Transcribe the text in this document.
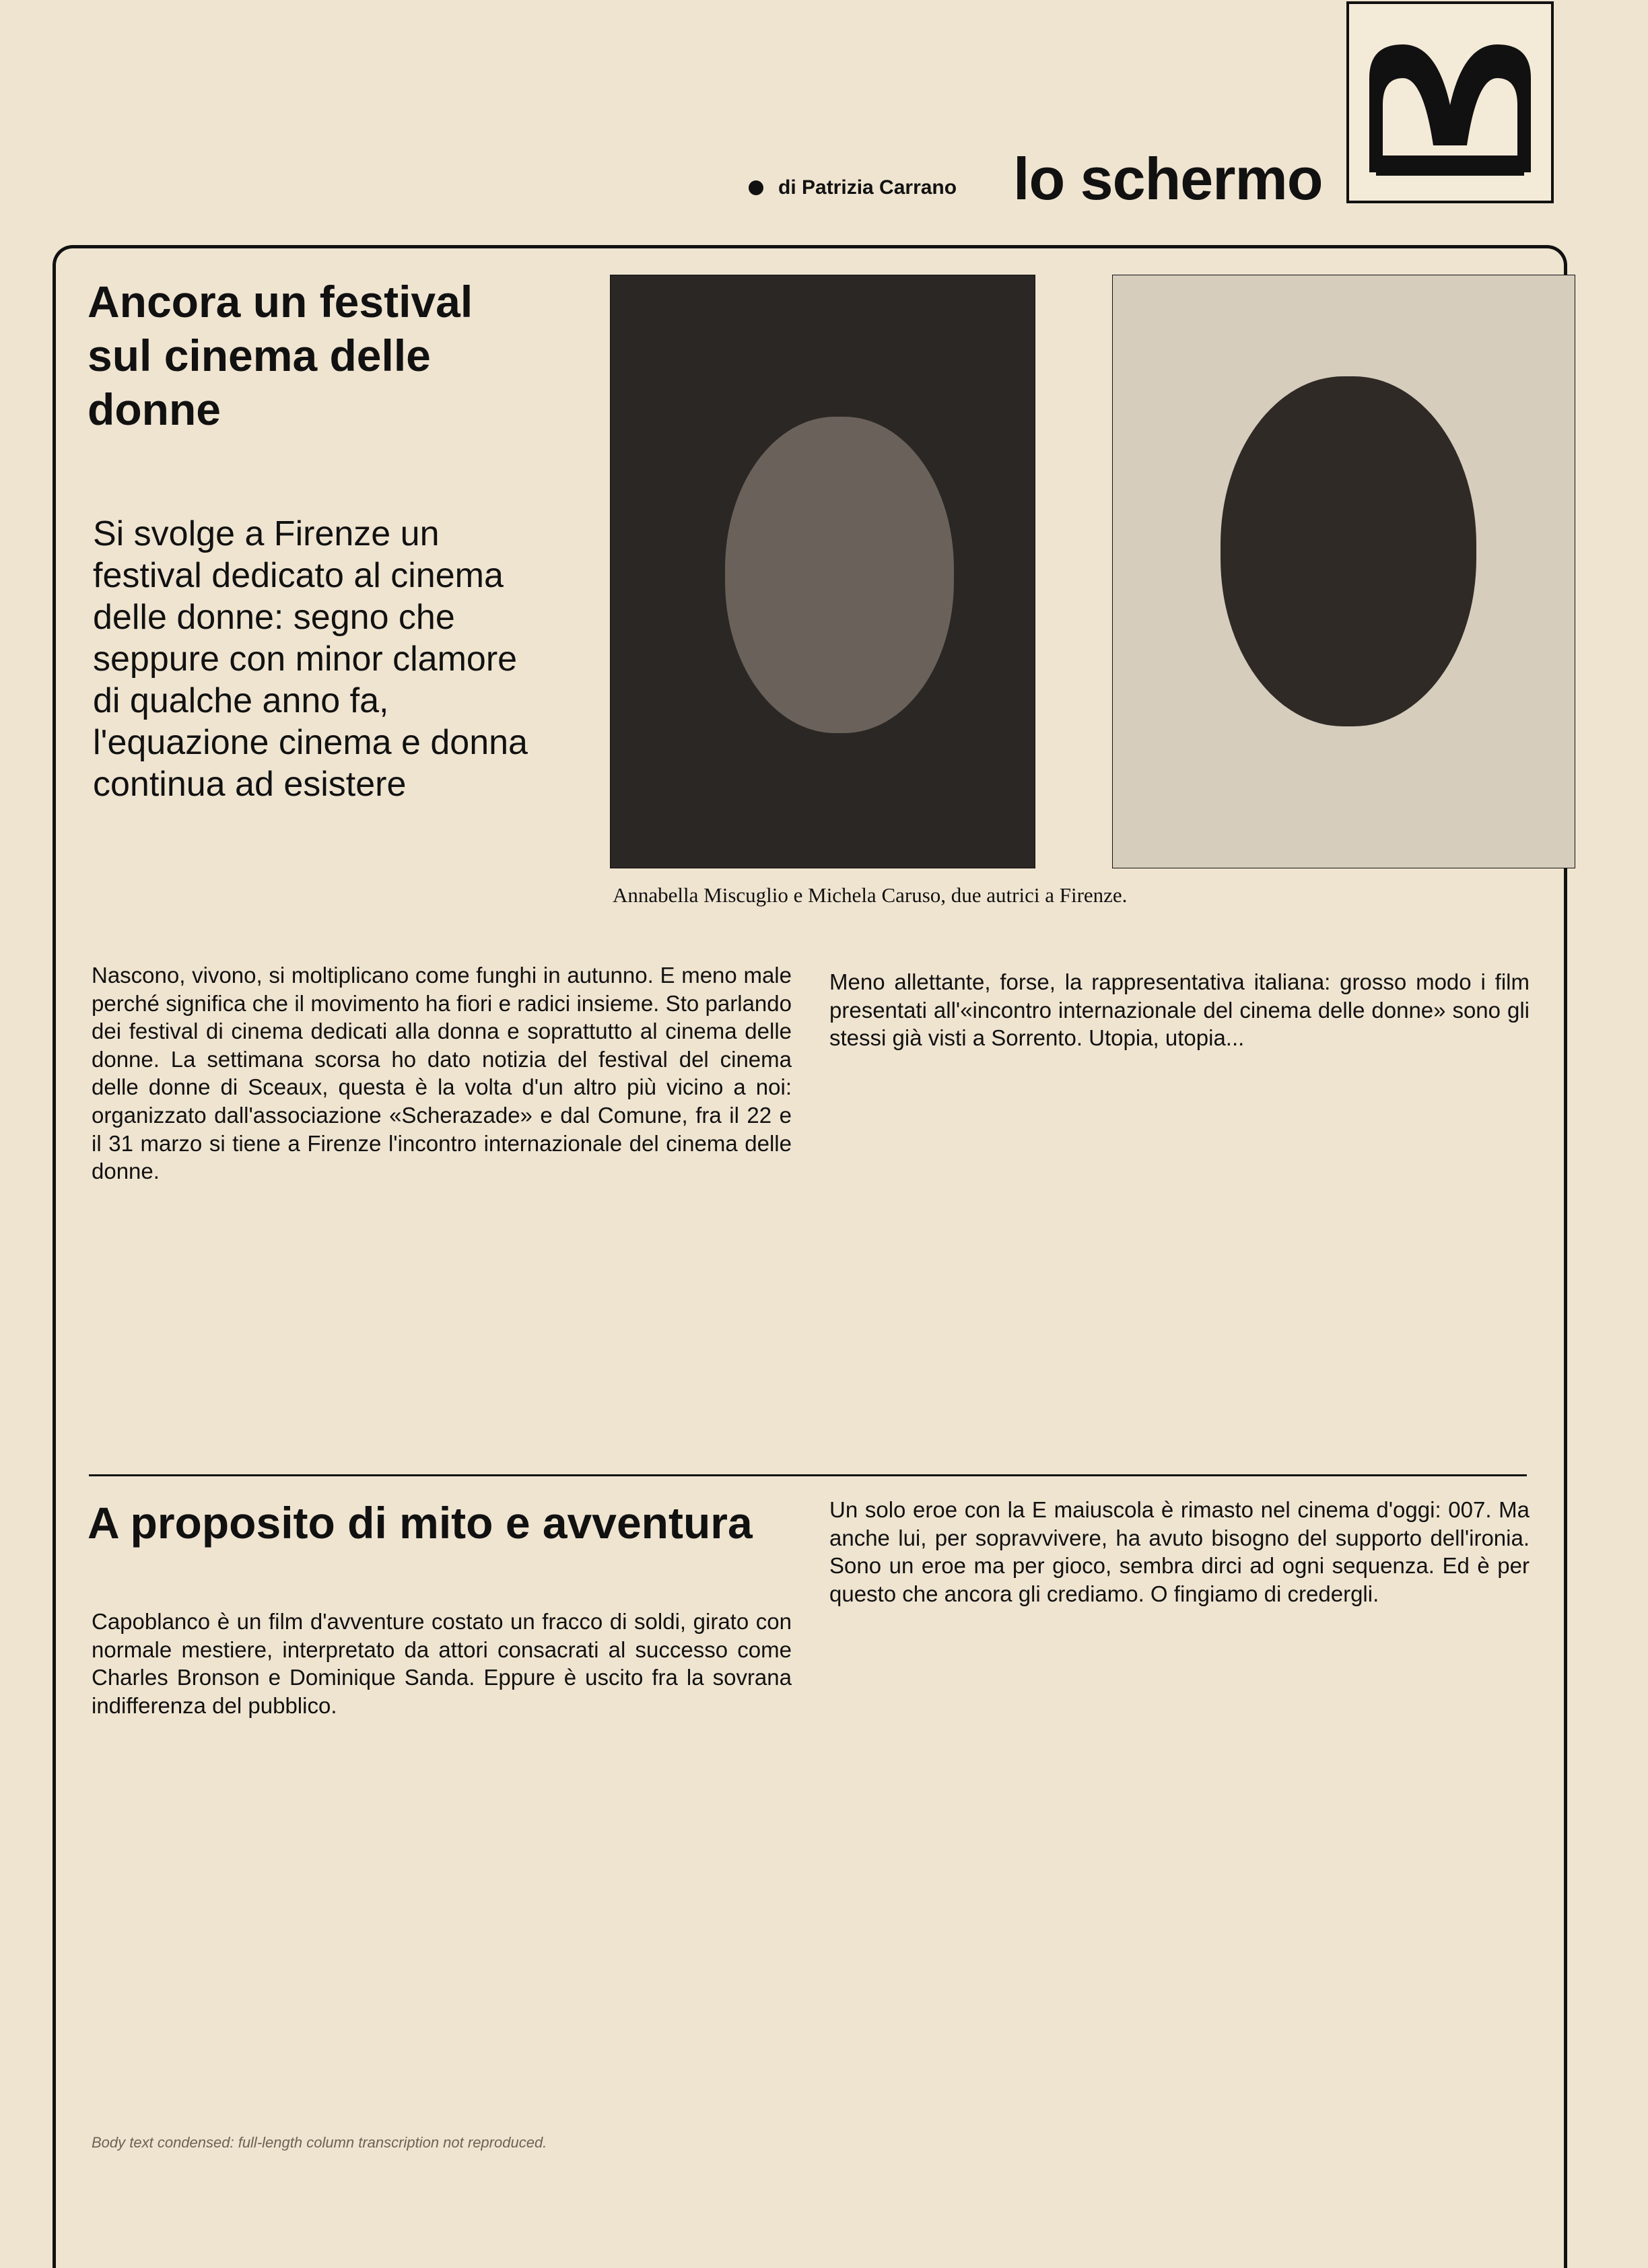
di Patrizia Carrano lo schermo
Ancora un festival sul cinema delle donne
Si svolge a Firenze un festival dedicato al cinema delle donne: segno che seppure con minor clamore di qualche anno fa, l'equazione cinema e donna continua ad esistere
Annabella Miscuglio e Michela Caruso, due autrici a Firenze.
Nascono, vivono, si moltiplicano come funghi in autunno. E meno male perché significa che il movimento ha fiori e radici insieme. Sto parlando dei festival di cinema dedicati alla donna e soprattutto al cinema delle donne. La settimana scorsa ho dato notizia del festival del cinema delle donne di Sceaux, questa è la volta d'un altro più vicino a noi: organizzato dall'associazione «Scherazade» e dal Comune, fra il 22 e il 31 marzo si tiene a Firenze l'incontro internazionale del cinema delle donne.
Meno allettante, forse, la rappresentativa italiana: grosso modo i film presentati all'«incontro internazionale del cinema delle donne» sono gli stessi già visti a Sorrento. Utopia, utopia...
A proposito di mito e avventura
Capoblanco è un film d'avventure costato un fracco di soldi, girato con normale mestiere, interpretato da attori consacrati al successo come Charles Bronson e Dominique Sanda. Eppure è uscito fra la sovrana indifferenza del pubblico.
Un solo eroe con la E maiuscola è rimasto nel cinema d'oggi: 007. Ma anche lui, per sopravvivere, ha avuto bisogno del supporto dell'ironia. Sono un eroe ma per gioco, sembra dirci ad ogni sequenza. Ed è per questo che ancora gli crediamo. O fingiamo di credergli.
Body text condensed: full-length column transcription not reproduced.
